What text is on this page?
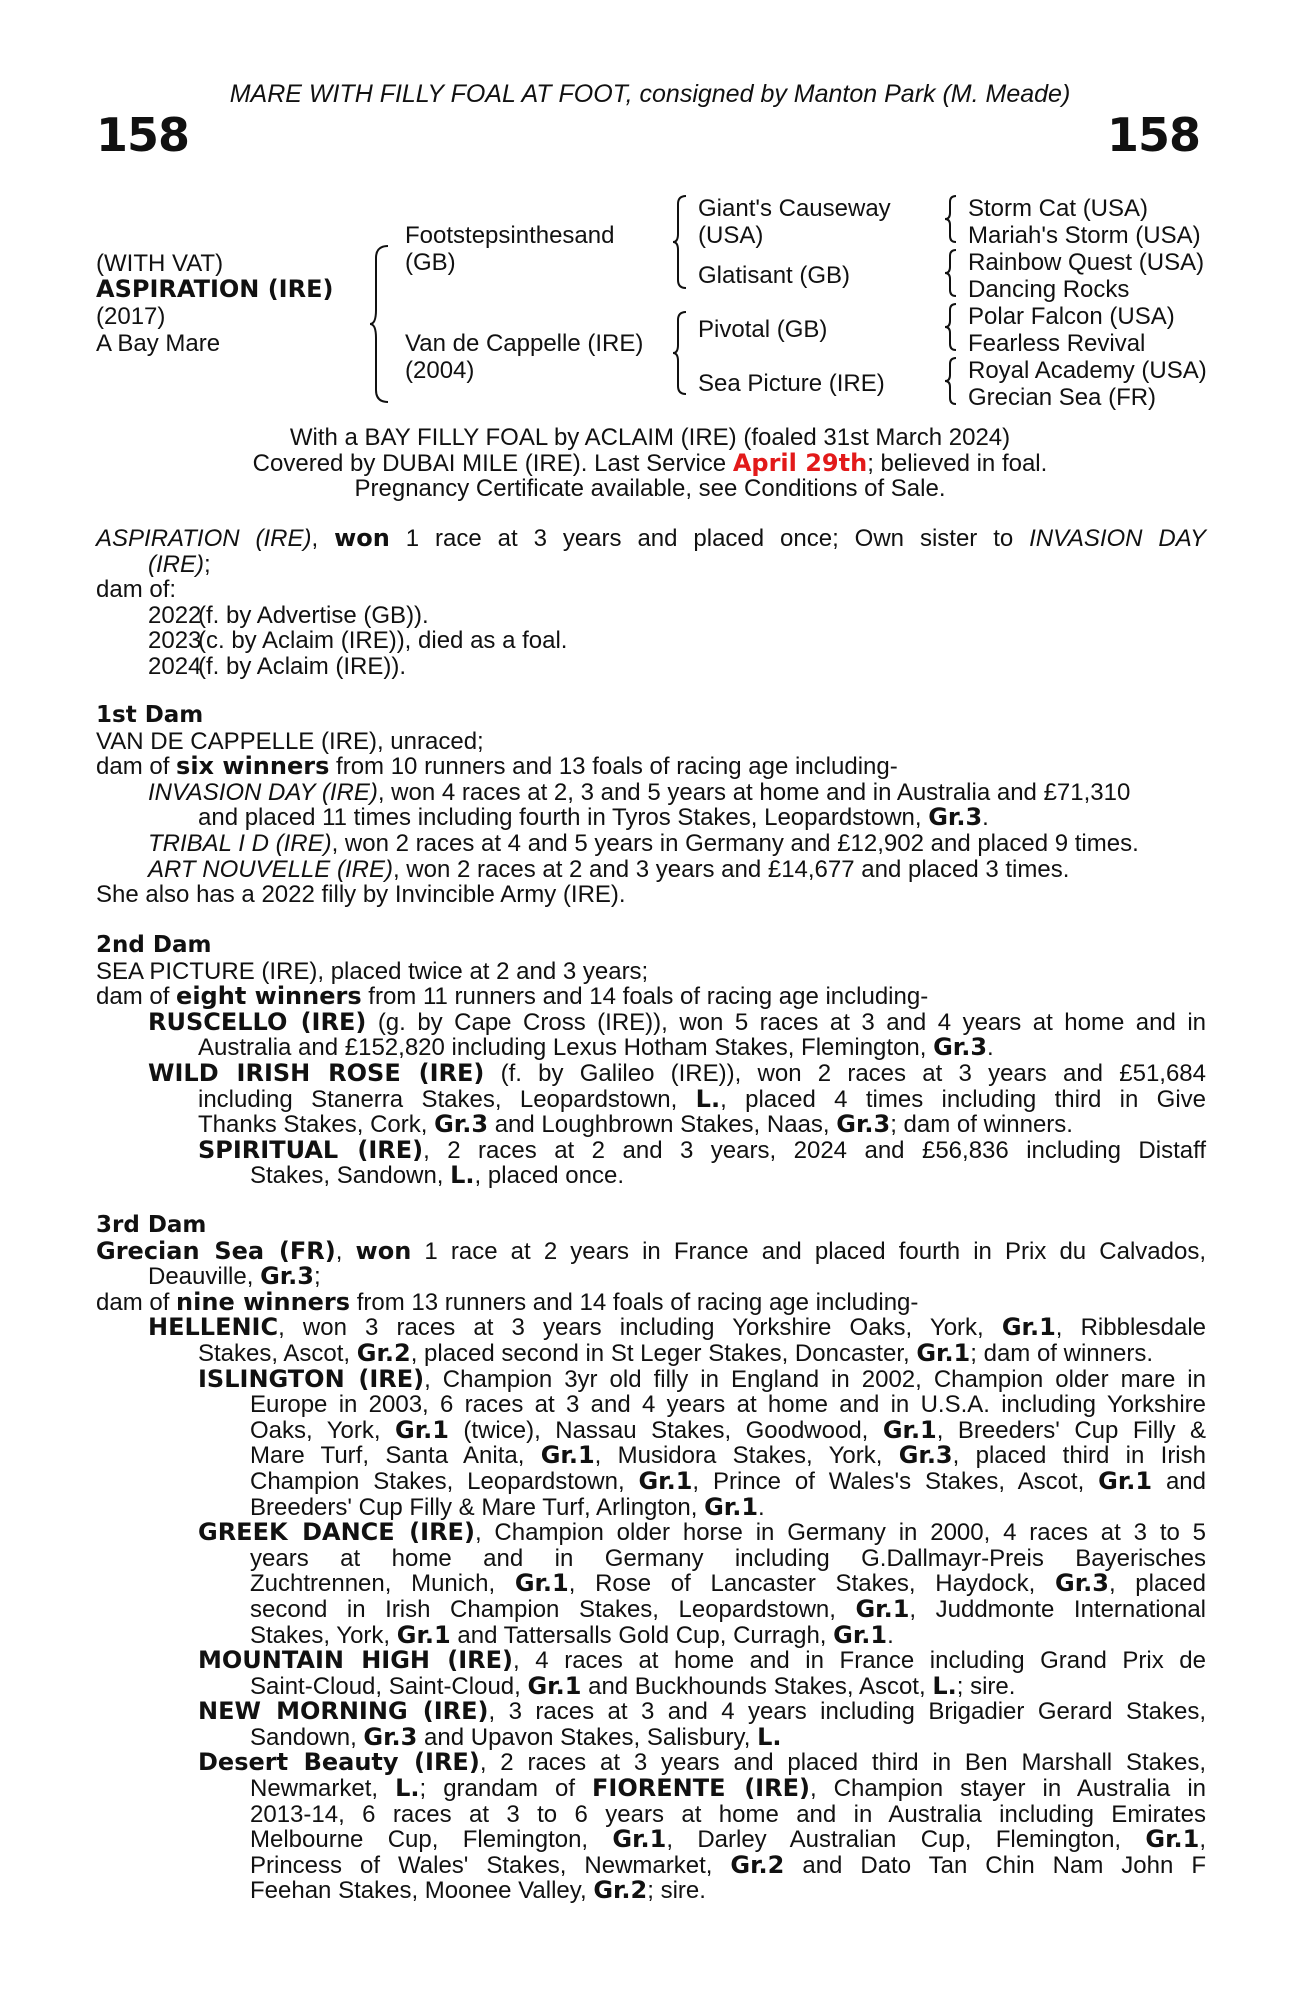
MARE WITH FILLY FOAL AT FOOT, consigned by Manton Park (M. Meade)
158	158
(WITH VAT)
ASPIRATION (IRE)
(2017)
A Bay Mare
Footstepsinthesand
(GB)
Van de Cappelle (IRE)
(2004)
Giant's Causeway
(USA)
Glatisant (GB)
Pivotal (GB)
Sea Picture (IRE)
Storm Cat (USA)
Mariah's Storm (USA)
Rainbow Quest (USA)
Dancing Rocks
Polar Falcon (USA)
Fearless Revival
Royal Academy (USA)
Grecian Sea (FR)
With a BAY FILLY FOAL by ACLAIM (IRE) (foaled 31st March 2024)
Covered by DUBAI MILE (IRE). Last Service April 29th; believed in foal.
Pregnancy Certificate available, see Conditions of Sale.
ASPIRATION (IRE), won 1 race at 3 years and placed once; Own sister to INVASION DAY
(IRE);
dam of:
2022(f. by Advertise (GB)).
2023(c. by Aclaim (IRE)), died as a foal.
2024(f. by Aclaim (IRE)).
1st Dam
VAN DE CAPPELLE (IRE), unraced;
dam of six winners from 10 runners and 13 foals of racing age including-
INVASION DAY (IRE), won 4 races at 2, 3 and 5 years at home and in Australia and £71,310
and placed 11 times including fourth in Tyros Stakes, Leopardstown, Gr.3.
TRIBAL I D (IRE), won 2 races at 4 and 5 years in Germany and £12,902 and placed 9 times.
ART NOUVELLE (IRE), won 2 races at 2 and 3 years and £14,677 and placed 3 times.
She also has a 2022 filly by Invincible Army (IRE).
2nd Dam
SEA PICTURE (IRE), placed twice at 2 and 3 years;
dam of eight winners from 11 runners and 14 foals of racing age including-
RUSCELLO (IRE) (g. by Cape Cross (IRE)), won 5 races at 3 and 4 years at home and in
Australia and £152,820 including Lexus Hotham Stakes, Flemington, Gr.3.
WILD IRISH ROSE (IRE) (f. by Galileo (IRE)), won 2 races at 3 years and £51,684
including Stanerra Stakes, Leopardstown, L., placed 4 times including third in Give
Thanks Stakes, Cork, Gr.3 and Loughbrown Stakes, Naas, Gr.3; dam of winners.
SPIRITUAL (IRE), 2 races at 2 and 3 years, 2024 and £56,836 including Distaff
Stakes, Sandown, L., placed once.
3rd Dam
Grecian Sea (FR), won 1 race at 2 years in France and placed fourth in Prix du Calvados,
Deauville, Gr.3;
dam of nine winners from 13 runners and 14 foals of racing age including-
HELLENIC, won 3 races at 3 years including Yorkshire Oaks, York, Gr.1, Ribblesdale
Stakes, Ascot, Gr.2, placed second in St Leger Stakes, Doncaster, Gr.1; dam of winners.
ISLINGTON (IRE), Champion 3yr old filly in England in 2002, Champion older mare in
Europe in 2003, 6 races at 3 and 4 years at home and in U.S.A. including Yorkshire
Oaks, York, Gr.1 (twice), Nassau Stakes, Goodwood, Gr.1, Breeders' Cup Filly &
Mare Turf, Santa Anita, Gr.1, Musidora Stakes, York, Gr.3, placed third in Irish
Champion Stakes, Leopardstown, Gr.1, Prince of Wales's Stakes, Ascot, Gr.1 and
Breeders' Cup Filly & Mare Turf, Arlington, Gr.1.
GREEK DANCE (IRE), Champion older horse in Germany in 2000, 4 races at 3 to 5
years at home and in Germany including G.Dallmayr-Preis Bayerisches
Zuchtrennen, Munich, Gr.1, Rose of Lancaster Stakes, Haydock, Gr.3, placed
second in Irish Champion Stakes, Leopardstown, Gr.1, Juddmonte International
Stakes, York, Gr.1 and Tattersalls Gold Cup, Curragh, Gr.1.
MOUNTAIN HIGH (IRE), 4 races at home and in France including Grand Prix de
Saint-Cloud, Saint-Cloud, Gr.1 and Buckhounds Stakes, Ascot, L.; sire.
NEW MORNING (IRE), 3 races at 3 and 4 years including Brigadier Gerard Stakes,
Sandown, Gr.3 and Upavon Stakes, Salisbury, L.
Desert Beauty (IRE), 2 races at 3 years and placed third in Ben Marshall Stakes,
Newmarket, L.; grandam of FIORENTE (IRE), Champion stayer in Australia in
2013-14, 6 races at 3 to 6 years at home and in Australia including Emirates
Melbourne Cup, Flemington, Gr.1, Darley Australian Cup, Flemington, Gr.1,
Princess of Wales' Stakes, Newmarket, Gr.2 and Dato Tan Chin Nam John F
Feehan Stakes, Moonee Valley, Gr.2; sire.
